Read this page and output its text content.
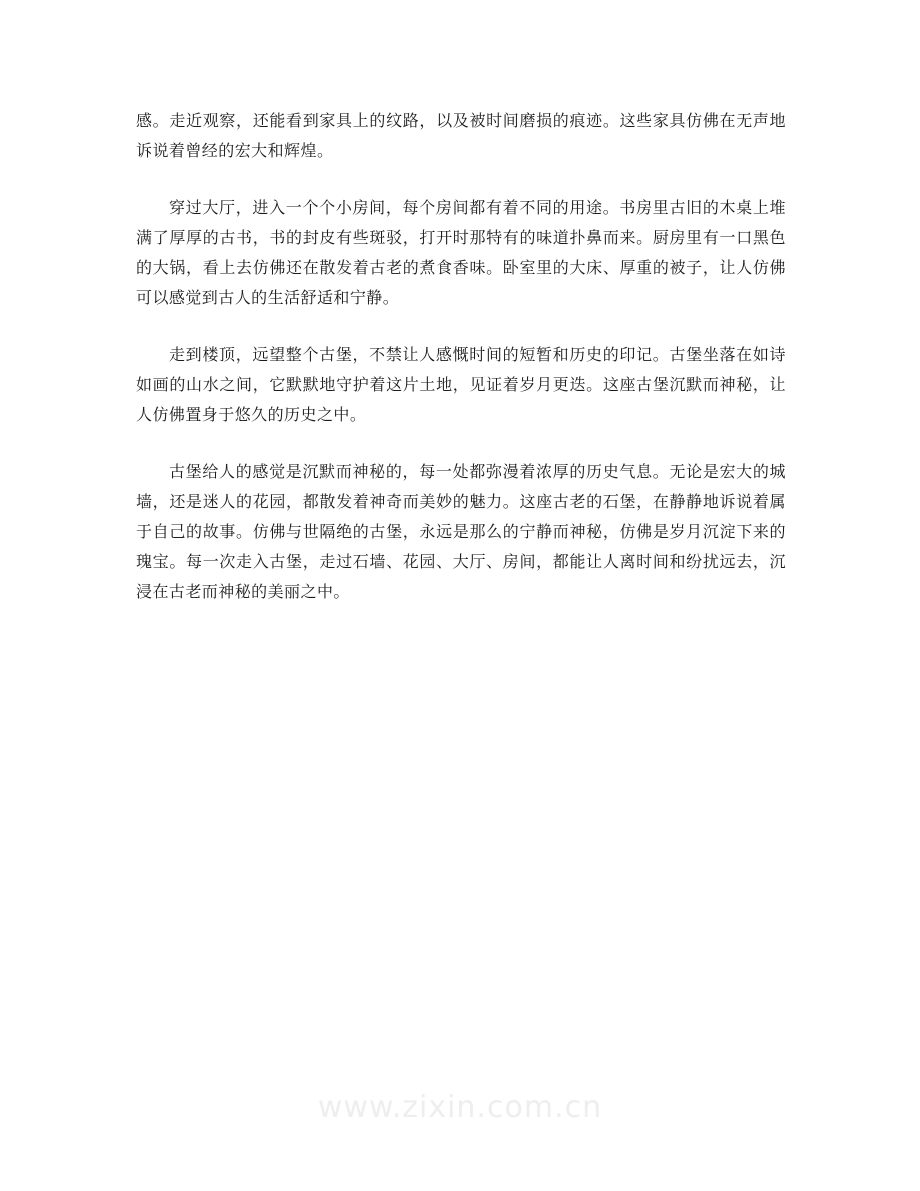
感。走近观察，还能看到家具上的纹路，以及被时间磨损的痕迹。这些家具仿佛在无声地诉说着曾经的宏大和辉煌。

穿过大厅，进入一个个小房间，每个房间都有着不同的用途。书房里古旧的木桌上堆满了厚厚的古书，书的封皮有些斑驳，打开时那特有的味道扑鼻而来。厨房里有一口黑色的大锅，看上去仿佛还在散发着古老的煮食香味。卧室里的大床、厚重的被子，让人仿佛可以感觉到古人的生活舒适和宁静。

走到楼顶，远望整个古堡，不禁让人感慨时间的短暂和历史的印记。古堡坐落在如诗如画的山水之间，它默默地守护着这片土地，见证着岁月更迭。这座古堡沉默而神秘，让人仿佛置身于悠久的历史之中。

古堡给人的感觉是沉默而神秘的，每一处都弥漫着浓厚的历史气息。无论是宏大的城墙，还是迷人的花园，都散发着神奇而美妙的魅力。这座古老的石堡，在静静地诉说着属于自己的故事。仿佛与世隔绝的古堡，永远是那么的宁静而神秘，仿佛是岁月沉淀下来的瑰宝。每一次走入古堡，走过石墙、花园、大厅、房间，都能让人离时间和纷扰远去，沉浸在古老而神秘的美丽之中。

www.zixin.com.cn
